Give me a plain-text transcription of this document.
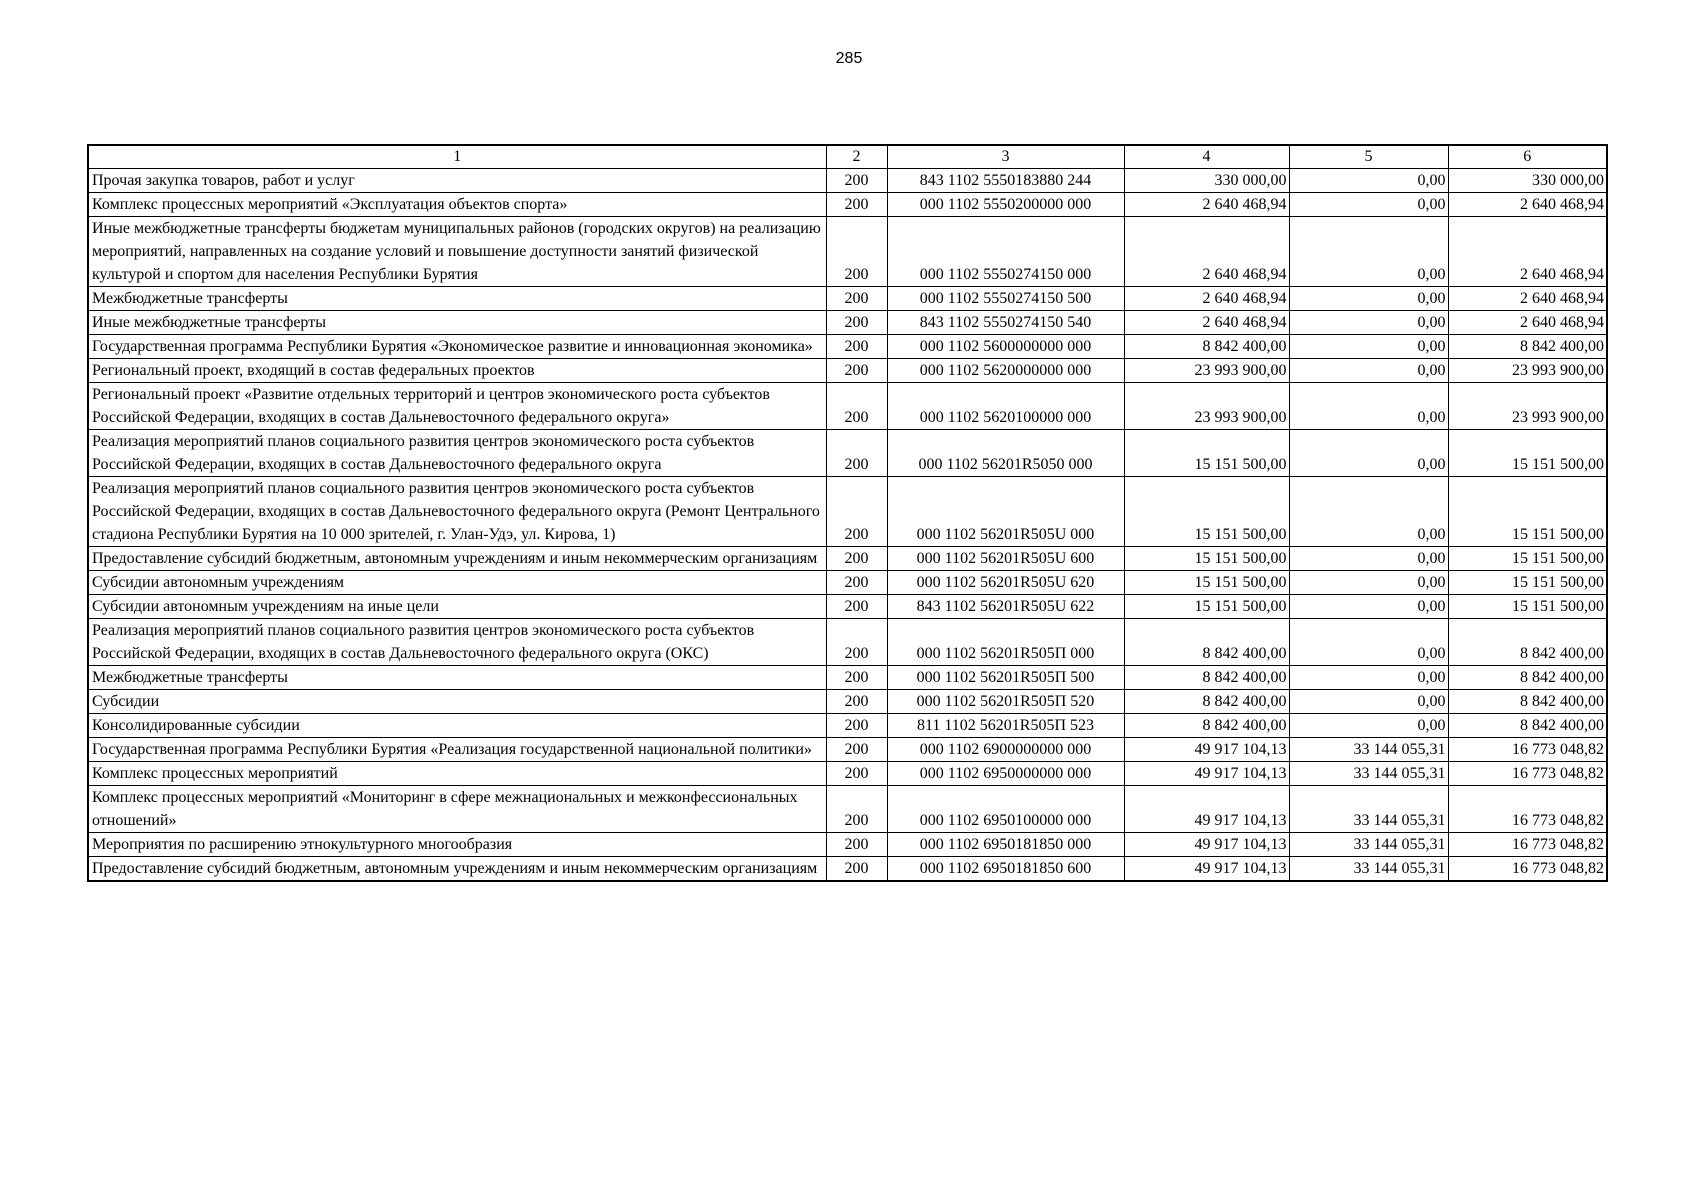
285
1	2	3	4	5	6
Прочая закупка товаров, работ и услуг	200	843 1102 5550183880 244	330 000,00	0,00	330 000,00
Комплекс процессных мероприятий «Эксплуатация объектов спорта»	200	000 1102 5550200000 000	2 640 468,94	0,00	2 640 468,94
Иные межбюджетные трансферты бюджетам муниципальных районов (городских округов) на реализацию мероприятий, направленных на создание условий и повышение доступности занятий физической культурой и спортом для населения Республики Бурятия	200	000 1102 5550274150 000	2 640 468,94	0,00	2 640 468,94
Межбюджетные трансферты	200	000 1102 5550274150 500	2 640 468,94	0,00	2 640 468,94
Иные межбюджетные трансферты	200	843 1102 5550274150 540	2 640 468,94	0,00	2 640 468,94
Государственная программа Республики Бурятия «Экономическое развитие и инновационная экономика»	200	000 1102 5600000000 000	8 842 400,00	0,00	8 842 400,00
Региональный проект, входящий в состав федеральных проектов	200	000 1102 5620000000 000	23 993 900,00	0,00	23 993 900,00
Региональный проект «Развитие отдельных территорий и центров экономического роста субъектов Российской Федерации, входящих в состав Дальневосточного федерального округа»	200	000 1102 5620100000 000	23 993 900,00	0,00	23 993 900,00
Реализация мероприятий планов социального развития центров экономического роста субъектов Российской Федерации, входящих в состав Дальневосточного федерального округа	200	000 1102 56201R5050 000	15 151 500,00	0,00	15 151 500,00
Реализация мероприятий планов социального развития центров экономического роста субъектов Российской Федерации, входящих в состав Дальневосточного федерального округа (Ремонт Центрального стадиона Республики Бурятия на 10 000 зрителей, г. Улан-Удэ, ул. Кирова, 1)	200	000 1102 56201R505U 000	15 151 500,00	0,00	15 151 500,00
Предоставление субсидий бюджетным, автономным учреждениям и иным некоммерческим организациям	200	000 1102 56201R505U 600	15 151 500,00	0,00	15 151 500,00
Субсидии автономным учреждениям	200	000 1102 56201R505U 620	15 151 500,00	0,00	15 151 500,00
Субсидии автономным учреждениям на иные цели	200	843 1102 56201R505U 622	15 151 500,00	0,00	15 151 500,00
Реализация мероприятий планов социального развития центров экономического роста субъектов Российской Федерации, входящих в состав Дальневосточного федерального округа (ОКС)	200	000 1102 56201R505П 000	8 842 400,00	0,00	8 842 400,00
Межбюджетные трансферты	200	000 1102 56201R505П 500	8 842 400,00	0,00	8 842 400,00
Субсидии	200	000 1102 56201R505П 520	8 842 400,00	0,00	8 842 400,00
Консолидированные субсидии	200	811 1102 56201R505П 523	8 842 400,00	0,00	8 842 400,00
Государственная программа Республики Бурятия «Реализация государственной национальной политики»	200	000 1102 6900000000 000	49 917 104,13	33 144 055,31	16 773 048,82
Комплекс процессных мероприятий	200	000 1102 6950000000 000	49 917 104,13	33 144 055,31	16 773 048,82
Комплекс процессных мероприятий «Мониторинг в сфере межнациональных и межконфессиональных отношений»	200	000 1102 6950100000 000	49 917 104,13	33 144 055,31	16 773 048,82
Мероприятия по расширению этнокультурного многообразия	200	000 1102 6950181850 000	49 917 104,13	33 144 055,31	16 773 048,82
Предоставление субсидий бюджетным, автономным учреждениям и иным некоммерческим организациям	200	000 1102 6950181850 600	49 917 104,13	33 144 055,31	16 773 048,82
